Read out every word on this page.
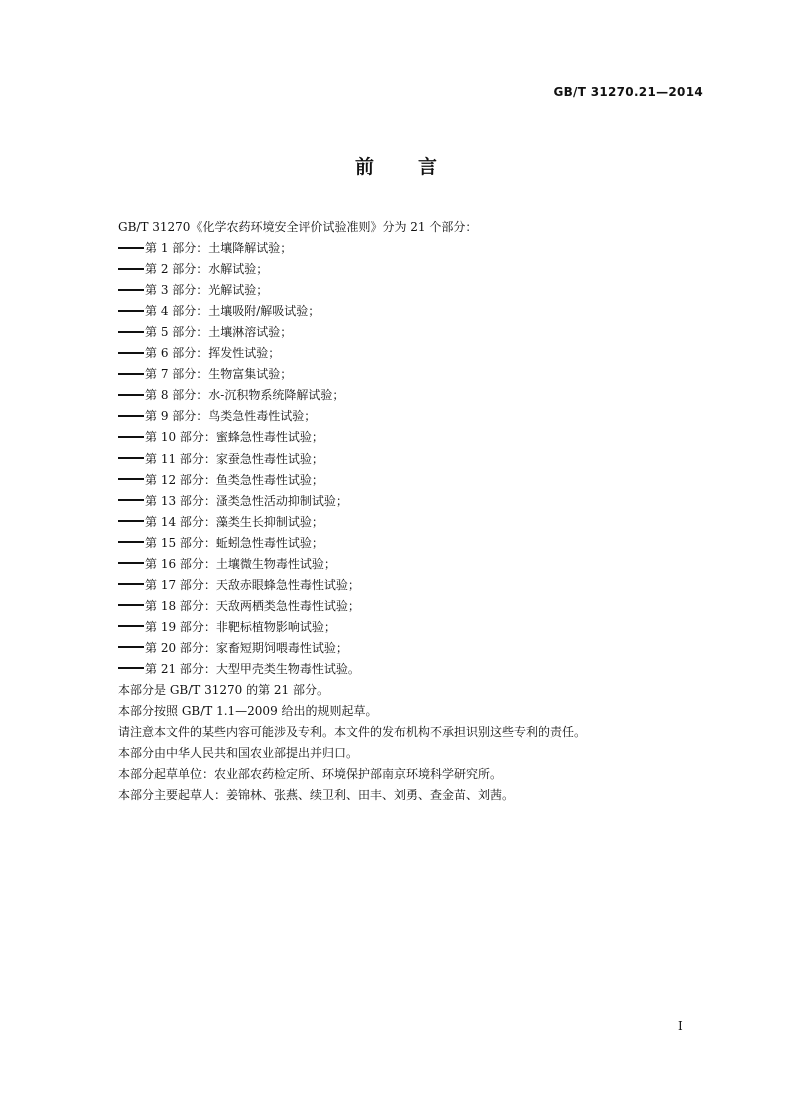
GB/T 31270.21—2014
前言
GB/T 31270《化学农药环境安全评价试验准则》分为 21 个部分：
第 1 部分：土壤降解试验；
第 2 部分：水解试验；
第 3 部分：光解试验；
第 4 部分：土壤吸附/解吸试验；
第 5 部分：土壤淋溶试验；
第 6 部分：挥发性试验；
第 7 部分：生物富集试验；
第 8 部分：水-沉积物系统降解试验；
第 9 部分：鸟类急性毒性试验；
第 10 部分：蜜蜂急性毒性试验；
第 11 部分：家蚕急性毒性试验；
第 12 部分：鱼类急性毒性试验；
第 13 部分：溞类急性活动抑制试验；
第 14 部分：藻类生长抑制试验；
第 15 部分：蚯蚓急性毒性试验；
第 16 部分：土壤微生物毒性试验；
第 17 部分：天敌赤眼蜂急性毒性试验；
第 18 部分：天敌两栖类急性毒性试验；
第 19 部分：非靶标植物影响试验；
第 20 部分：家畜短期饲喂毒性试验；
第 21 部分：大型甲壳类生物毒性试验。
本部分是 GB/T 31270 的第 21 部分。
本部分按照 GB/T 1.1—2009 给出的规则起草。
请注意本文件的某些内容可能涉及专利。本文件的发布机构不承担识别这些专利的责任。
本部分由中华人民共和国农业部提出并归口。
本部分起草单位：农业部农药检定所、环境保护部南京环境科学研究所。
本部分主要起草人：姜锦林、张燕、续卫利、田丰、刘勇、查金苗、刘茜。
I
